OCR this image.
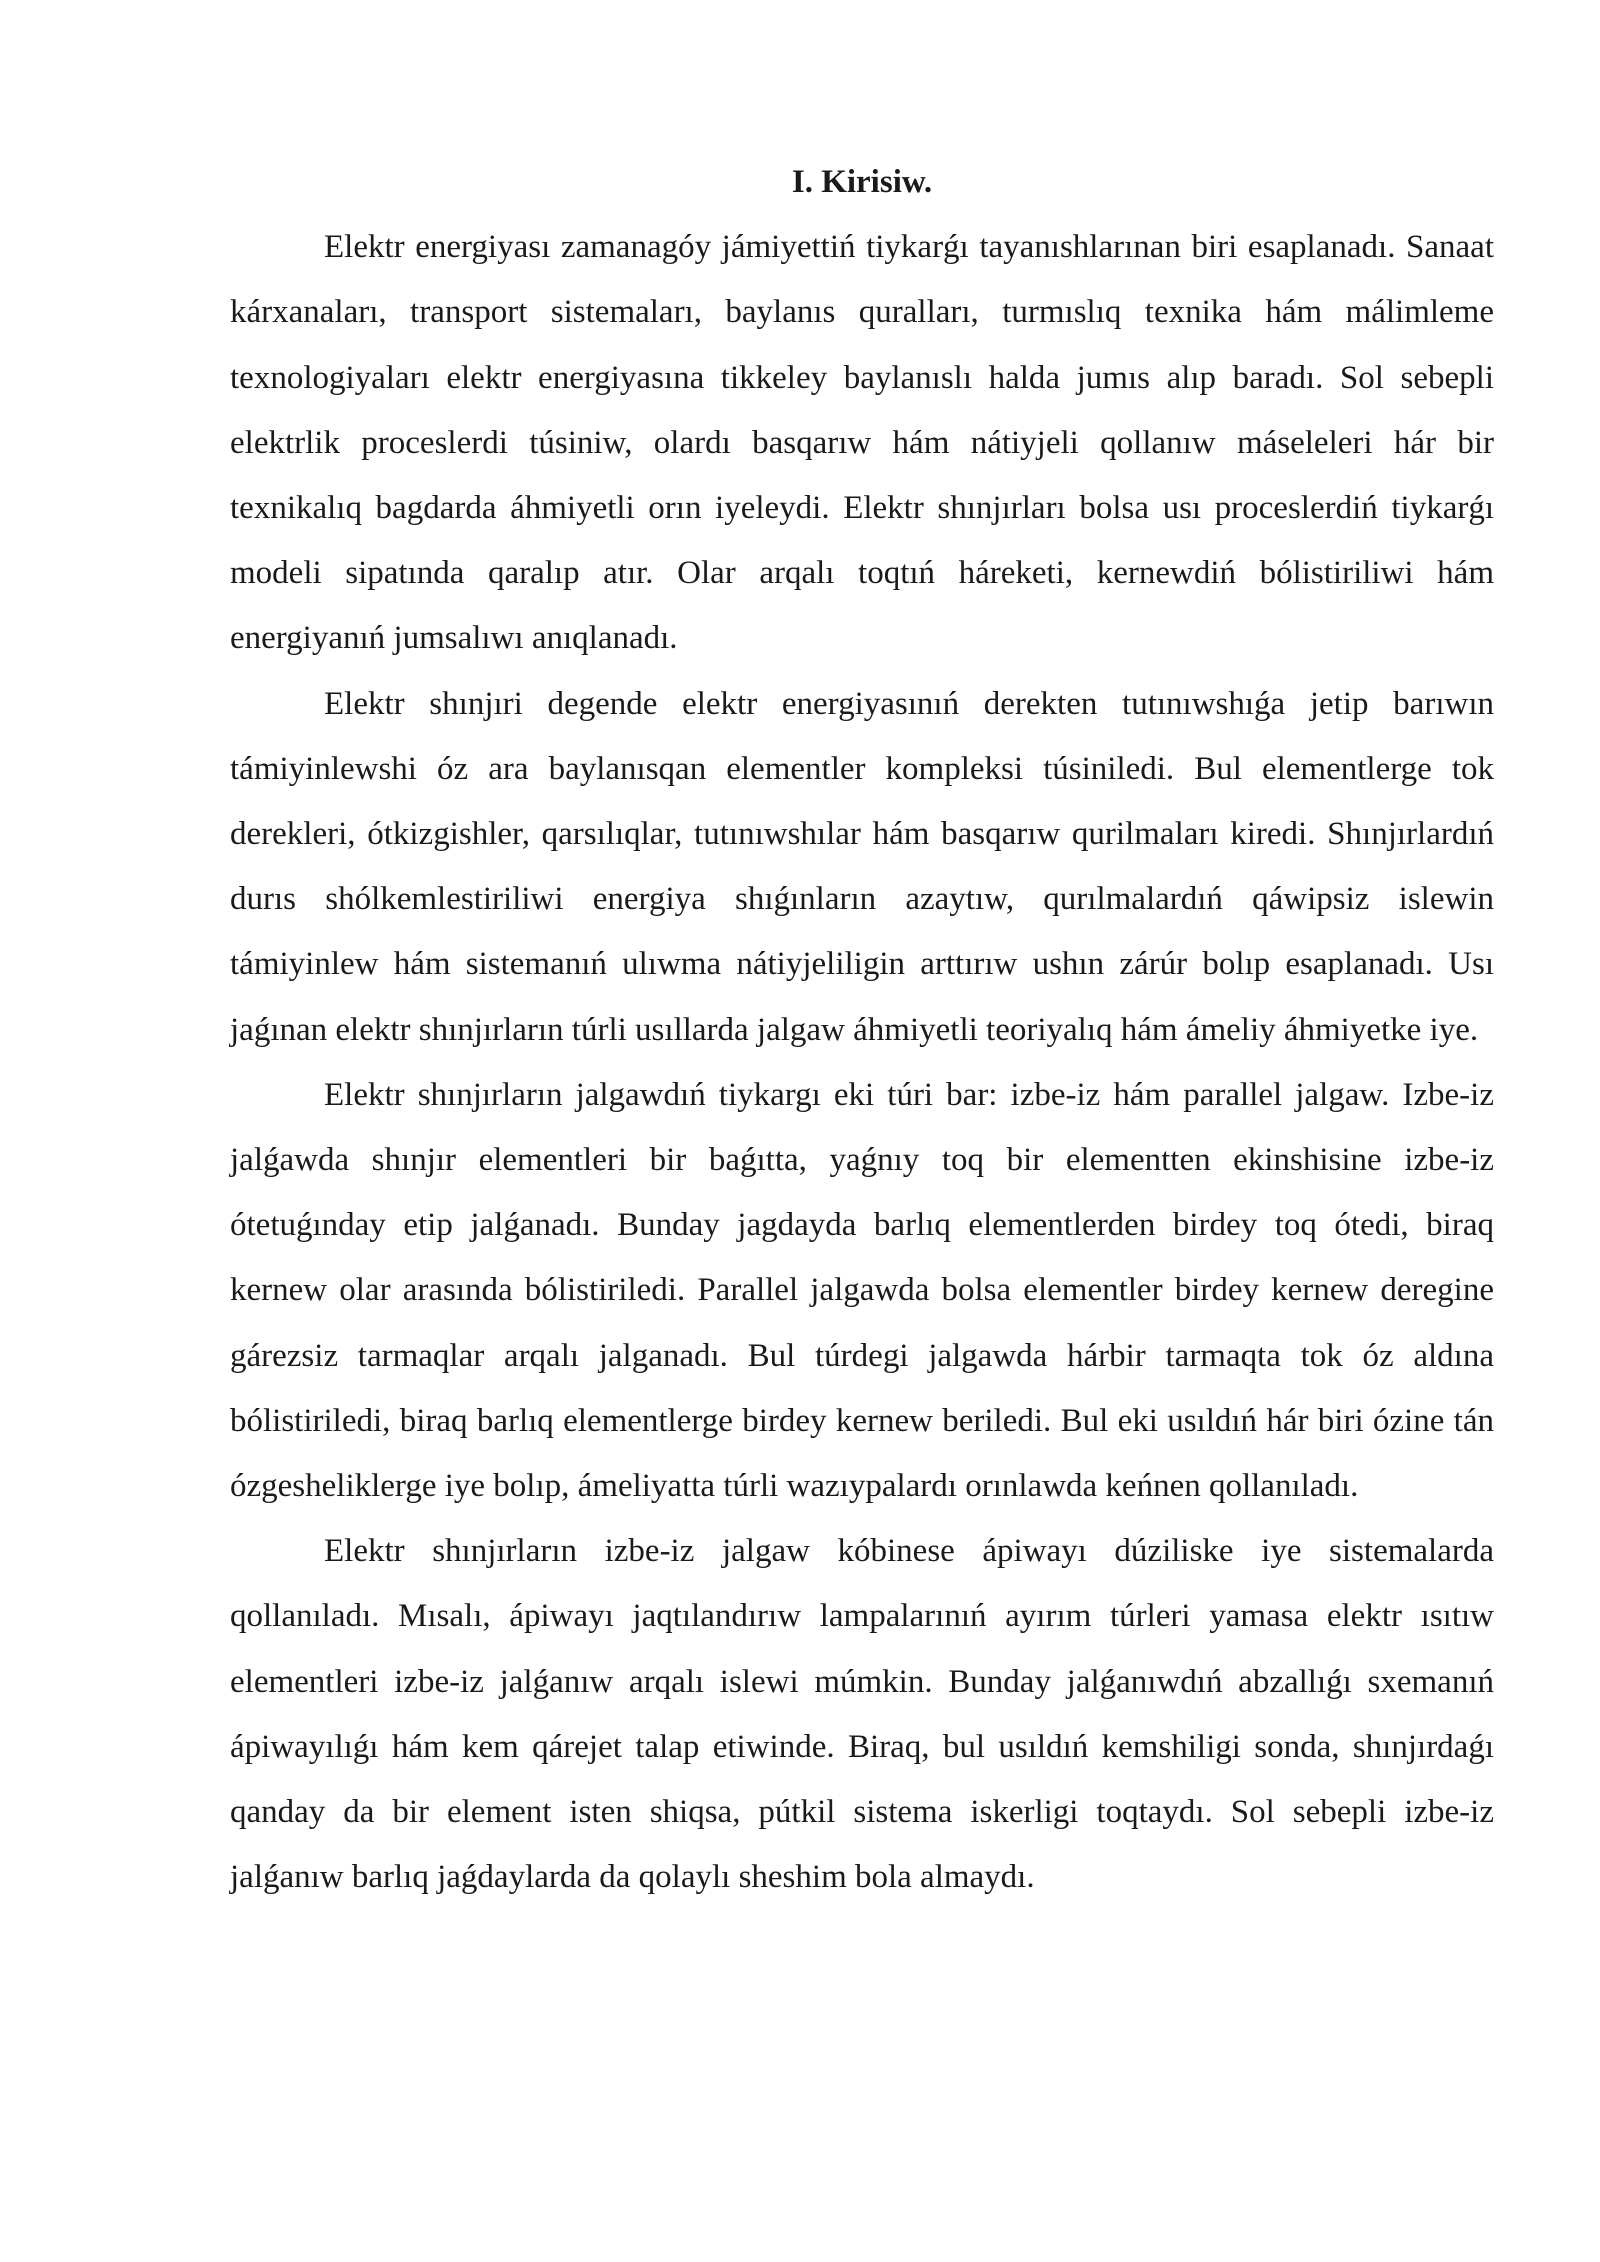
I. Kirisiw.

Elektr energiyası zamanagóy jámiyettiń tiykarǵı tayanıshlarınan biri esaplanadı. Sanaat kárxanaları, transport sistemaları, baylanıs quralları, turmıslıq texnika hám málimleme texnologiyaları elektr energiyasına tikkeley baylanıslı halda jumıs alıp baradı. Sol sebepli elektrlik proceslerdi túsiniw, olardı basqarıw hám nátiyjeli qollanıw máseleleri hár bir texnikalıq bagdarda áhmiyetli orın iyeleydi. Elektr shınjırları bolsa usı proceslerdiń tiykarǵı modeli sipatında qaralıp atır. Olar arqalı toqtıń háreketi, kernewdiń bólistiriliwi hám energiyanıń jumsalıwı anıqlanadı.

Elektr shınjıri degende elektr energiyasınıń derekten tutınıwshıǵa jetip barıwın támiyinlewshi óz ara baylanısqan elementler kompleksi túsiniledi. Bul elementlerge tok derekleri, ótkizgishler, qarsılıqlar, tutınıwshılar hám basqarıw qurilmaları kiredi. Shınjırlardıń durıs shólkemlestiriliwi energiya shıǵınların azaytıw, qurılmalardıń qáwipsiz islewin támiyinlew hám sistemanıń ulıwma nátiyjeliligin arttırıw ushın zárúr bolıp esaplanadı. Usı jaǵınan elektr shınjırların túrli usıllarda jalgaw áhmiyetli teoriyalıq hám ámeliy áhmiyetke iye.

Elektr shınjırların jalgawdıń tiykargı eki túri bar: izbe-iz hám parallel jalgaw. Izbe-iz jalǵawda shınjır elementleri bir baǵıtta, yaǵnıy toq bir elementten ekinshisine izbe-iz ótetuǵınday etip jalǵanadı. Bunday jagdayda barlıq elementlerden birdey toq ótedi, biraq kernew olar arasında bólistiriledi. Parallel jalgawda bolsa elementler birdey kernew deregine gárezsiz tarmaqlar arqalı jalganadı. Bul túrdegi jalgawda hárbir tarmaqta tok óz aldına bólistiriledi, biraq barlıq elementlerge birdey kernew beriledi. Bul eki usıldıń hár biri ózine tán ózgesheliklerge iye bolıp, ámeliyatta túrli wazıypalardı orınlawda keńnen qollanıladı.

Elektr shınjırların izbe-iz jalgaw kóbinese ápiwayı dúziliske iye sistemalarda qollanıladı. Mısalı, ápiwayı jaqtılandırıw lampalarınıń ayırım túrleri yamasa elektr ısıtıw elementleri izbe-iz jalǵanıw arqalı islewi múmkin. Bunday jalǵanıwdıń abzallıǵı sxemanıń ápiwayılıǵı hám kem qárejet talap etiwinde. Biraq, bul usıldıń kemshiligi sonda, shınjırdaǵı qanday da bir element isten shiqsa, pútkil sistema iskerligi toqtaydı. Sol sebepli izbe-iz jalǵanıw barlıq jaǵdaylarda da qolaylı sheshim bola almaydı.
